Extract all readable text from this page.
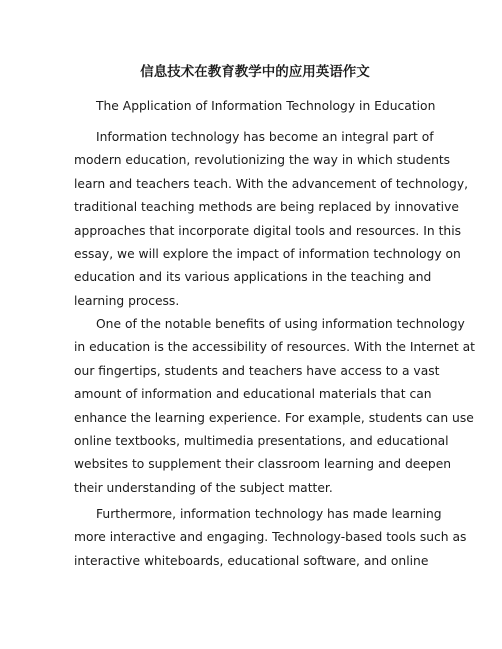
信息技术在教育教学中的应用英语作文

The Application of Information Technology in Education

Information technology has become an integral part of
modern education, revolutionizing the way in which students
learn and teachers teach. With the advancement of technology,
traditional teaching methods are being replaced by innovative
approaches that incorporate digital tools and resources. In this
essay, we will explore the impact of information technology on
education and its various applications in the teaching and
learning process.

One of the notable benefits of using information technology
in education is the accessibility of resources. With the Internet at
our fingertips, students and teachers have access to a vast
amount of information and educational materials that can
enhance the learning experience. For example, students can use
online textbooks, multimedia presentations, and educational
websites to supplement their classroom learning and deepen
their understanding of the subject matter.

Furthermore, information technology has made learning
more interactive and engaging. Technology-based tools such as
interactive whiteboards, educational software, and online
